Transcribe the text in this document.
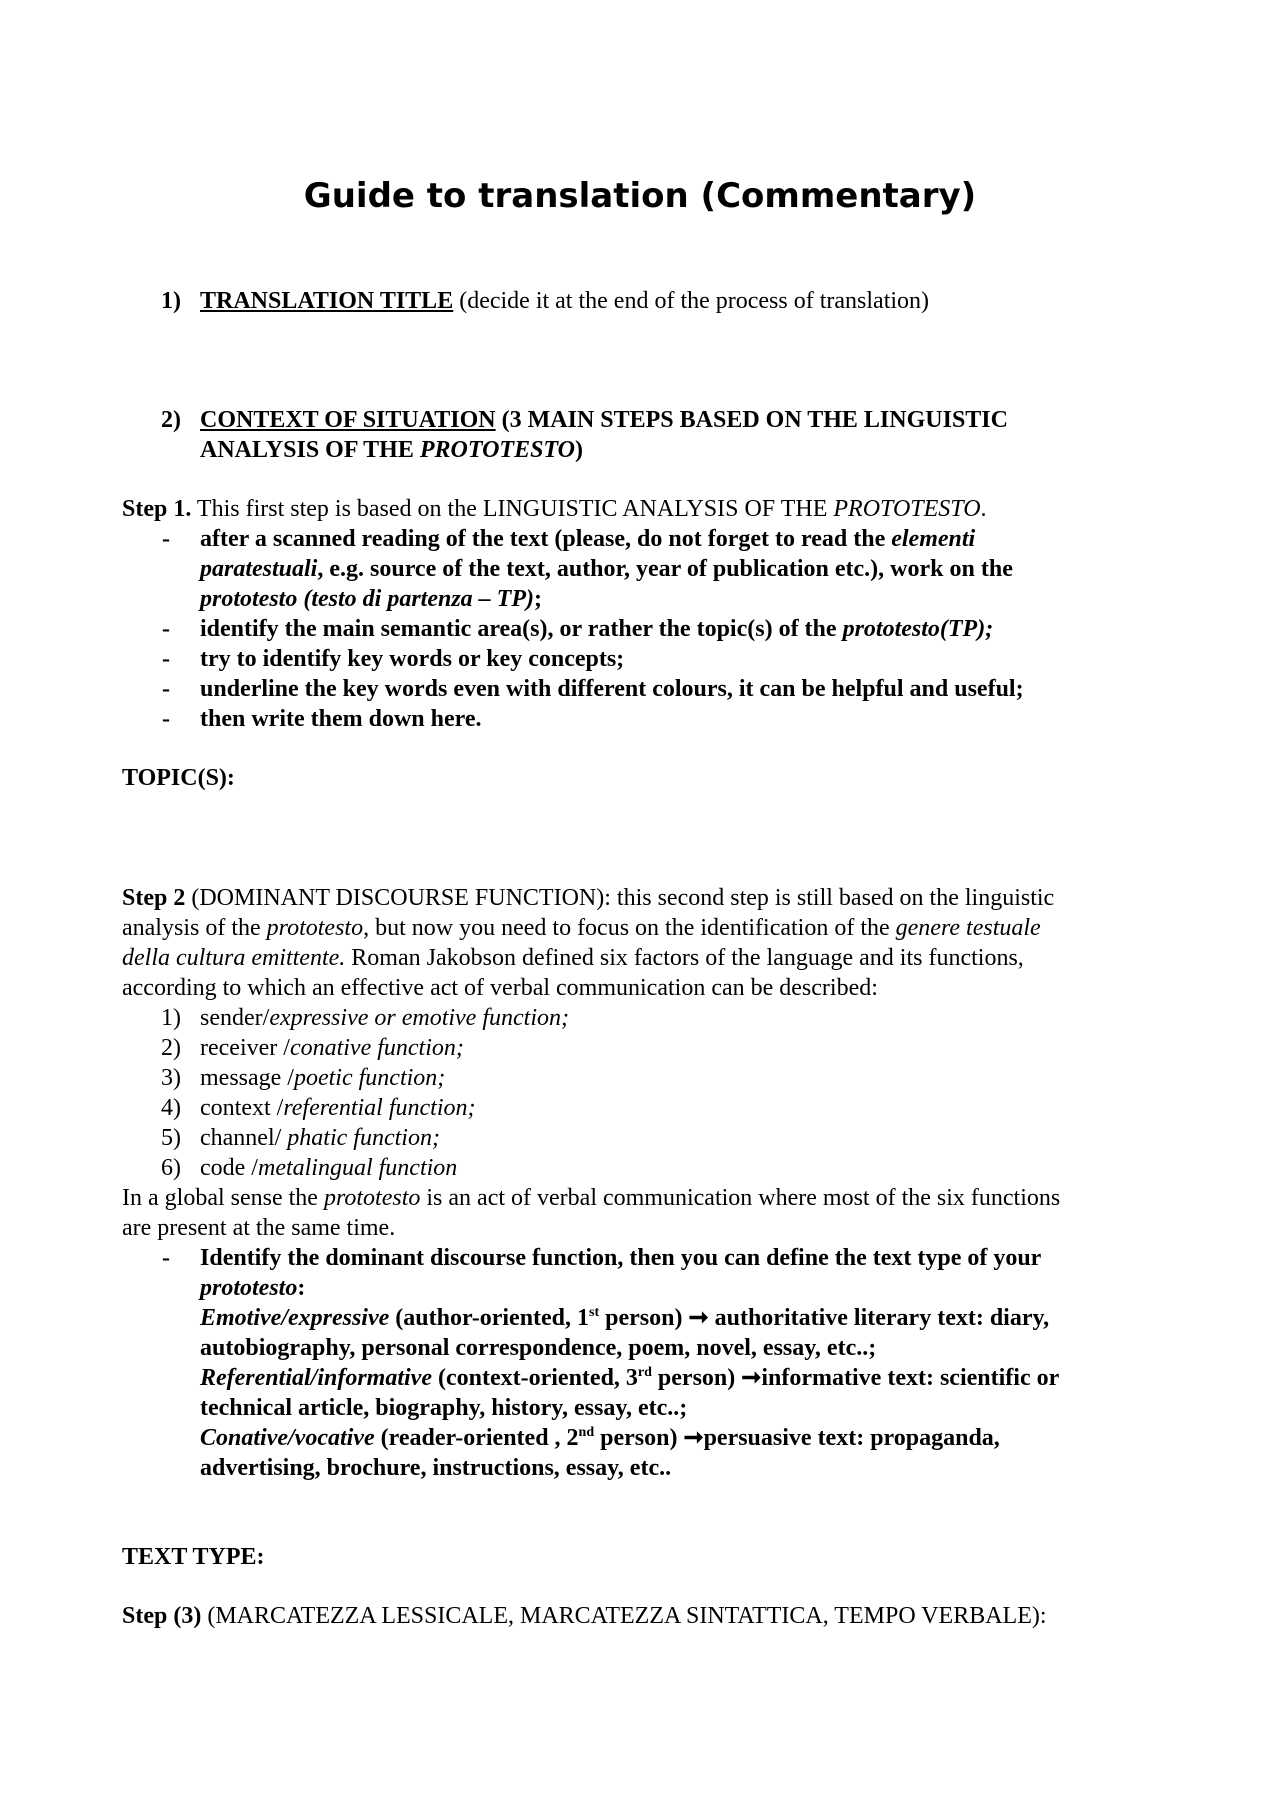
Guide to translation (Commentary)
1) TRANSLATION TITLE (decide it at the end of the process of translation)
2) CONTEXT OF SITUATION (3 MAIN STEPS BASED ON THE LINGUISTIC
ANALYSIS OF THE PROTOTESTO)
Step 1. This first step is based on the LINGUISTIC ANALYSIS OF THE PROTOTESTO.
- after a scanned reading of the text (please, do not forget to read the elementi
paratestuali, e.g. source of the text, author, year of publication etc.), work on the
prototesto (testo di partenza – TP);
- identify the main semantic area(s), or rather the topic(s) of the prototesto(TP);
- try to identify key words or key concepts;
- underline the key words even with different colours, it can be helpful and useful;
- then write them down here.
TOPIC(S):
Step 2 (DOMINANT DISCOURSE FUNCTION): this second step is still based on the linguistic
analysis of the prototesto, but now you need to focus on the identification of the genere testuale
della cultura emittente. Roman Jakobson defined six factors of the language and its functions,
according to which an effective act of verbal communication can be described:
1) sender/expressive or emotive function;
2) receiver /conative function;
3) message /poetic function;
4) context /referential function;
5) channel/ phatic function;
6) code /metalingual function
In a global sense the prototesto is an act of verbal communication where most of the six functions
are present at the same time.
- Identify the dominant discourse function, then you can define the text type of your
prototesto:
Emotive/expressive (author-oriented, 1st person) ➞ authoritative literary text: diary,
autobiography, personal correspondence, poem, novel, essay, etc..;
Referential/informative (context-oriented, 3rd person) ➞informative text: scientific or
technical article, biography, history, essay, etc..;
Conative/vocative (reader-oriented , 2nd person) ➞persuasive text: propaganda,
advertising, brochure, instructions, essay, etc..
TEXT TYPE:
Step (3) (MARCATEZZA LESSICALE, MARCATEZZA SINTATTICA, TEMPO VERBALE):
